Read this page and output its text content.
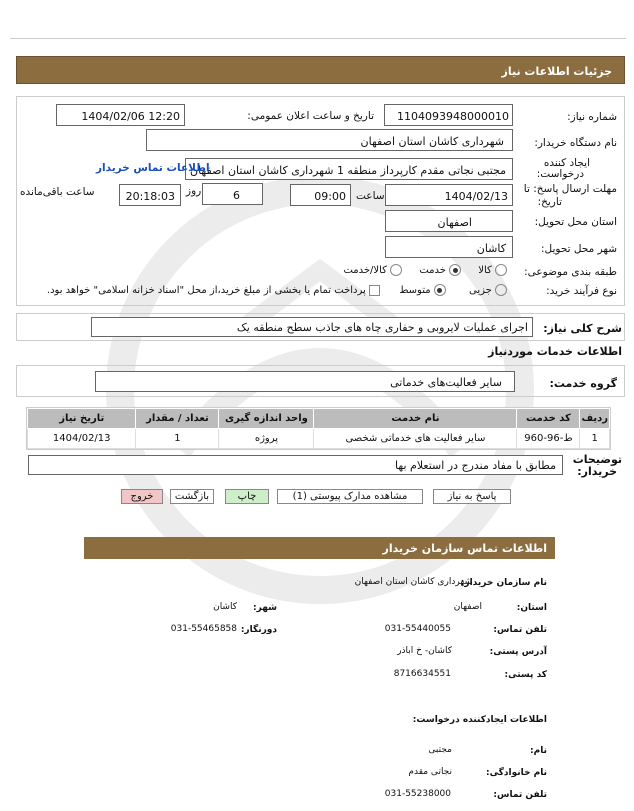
جزئیات اطلاعات نیاز
شماره نیاز:
1104093948000010
تاریخ و ساعت اعلان عمومی:
1404/02/06 12:20
نام دستگاه خریدار:
شهرداری کاشان استان اصفهان
ایجاد کننده
درخواست:
مجتبی نجاتی مقدم کارپرداز منطقه 1 شهرداری کاشان استان اصفهان
اطلاعات تماس خریدار
مهلت ارسال پاسخ: تا
تاریخ:
1404/02/13
ساعت
09:00
6
روز
20:18:03
ساعت باقی‌مانده
استان محل تحویل:
اصفهان
شهر محل تحویل:
کاشان
طبقه بندی موضوعی:
کالا
خدمت  کالا/خدمت
نوع فرآیند خرید:
جزیی
متوسط  پرداخت تمام یا بخشی از مبلغ خرید،از محل "اسناد خزانه اسلامی" خواهد بود.
شرح کلی نیاز:
اجرای عملیات لایروبی و حفاری چاه های جاذب سطح منطقه یک
اطلاعات خدمات موردنیاز
گروه خدمت:
سایر فعالیت‌های خدماتی
ردیف	کد خدمت	نام خدمت	واحد اندازه گیری	تعداد / مقدار	تاریخ نیاز
1	ط-96-960	سایر فعالیت های خدماتی شخصی	پروژه	1	1404/02/13
توضیحات
خریدار:
مطابق با مفاد مندرج در استعلام بها
پاسخ به نیاز
مشاهده مدارک پیوستی (1)
چاپ
بازگشت
خروج
اطلاعات تماس سازمان خریدار
نام سازمان خریدار:
شهرداری کاشان استان اصفهان
استان:
اصفهان
شهر:
کاشان
تلفن تماس:
031-55440055
دورنگار:
031-55465858
آدرس پستی:
کاشان- خ اباذر
کد پستی:
8716634551
اطلاعات ایجادکننده درخواست:
نام:
مجتبی
نام خانوادگی:
نجاتی مقدم
تلفن تماس:
031-55238000
